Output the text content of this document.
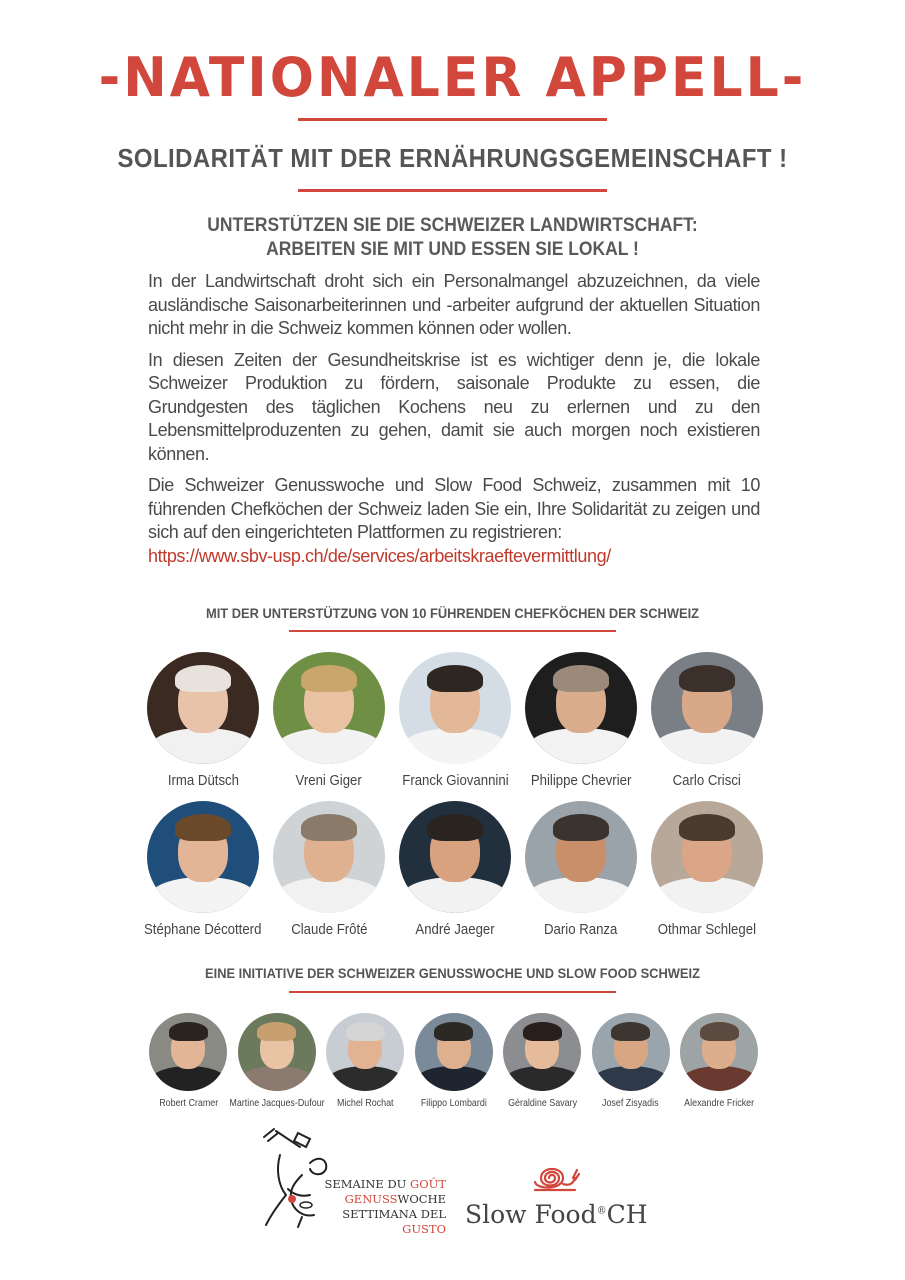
-NATIONALER APPELL-
SOLIDARITÄT MIT DER ERNÄHRUNGSGEMEINSCHAFT !
UNTERSTÜTZEN SIE DIE SCHWEIZER LANDWIRTSCHAFT:
ARBEITEN SIE MIT UND ESSEN SIE LOKAL !

In der Landwirtschaft droht sich ein Personalmangel abzuzeichnen, da viele ausländische Saisonarbeiterinnen und -arbeiter aufgrund der aktuellen Situation nicht mehr in die Schweiz kommen können oder wollen.

In diesen Zeiten der Gesundheitskrise ist es wichtiger denn je, die lokale Schweizer Produktion zu fördern, saisonale Produkte zu essen, die Grundgesten des täglichen Kochens neu zu erlernen und zu den Lebensmittelproduzenten zu gehen, damit sie auch morgen noch existieren können.

Die Schweizer Genusswoche und Slow Food Schweiz, zusammen mit 10 führenden Chefköchen der Schweiz laden Sie ein, Ihre Solidarität zu zeigen und sich auf den eingerichteten Plattformen zu registrieren:
https://www.sbv-usp.ch/de/services/arbeitskraeftevermittlung/

MIT DER UNTERSTÜTZUNG VON 10 FÜHRENDEN CHEFKÖCHEN DER SCHWEIZ
Irma Dütsch	Vreni Giger	Franck Giovannini Philippe Chevrier	Carlo Crisci
Stéphane Décotterd Claude Frôté	André Jaeger	Dario Ranza	Othmar Schlegel
EINE INITIATIVE DER SCHWEIZER GENUSSWOCHE UND SLOW FOOD SCHWEIZ
Robert Cramer Martine Jacques-Dufour Michel Rochat	Filippo Lombardi Géraldine Savary Josef Zisyadis Alexandre Fricker
SEMAINE DU GOÛT
GENUSSWOCHE
SETTIMANA DEL GUSTO Slow Food®CH
